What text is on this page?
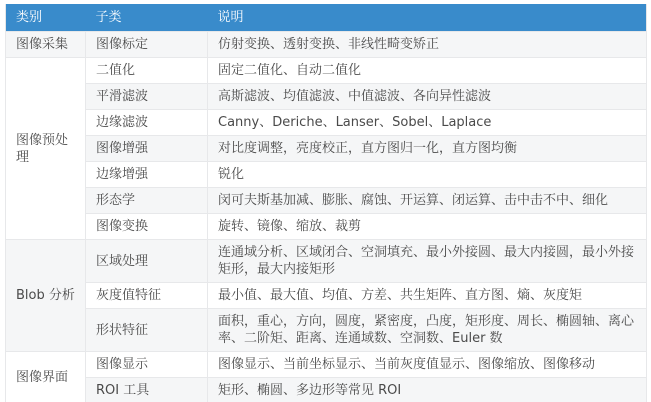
类别	子类	说明
图像采集	图像标定	仿射变换、透射变换、非线性畸变矫正
图像预处理	二值化	固定二值化、自动二值化
	平滑滤波	高斯滤波、均值滤波、中值滤波、各向异性滤波
	边缘滤波	Canny、Deriche、Lanser、Sobel、Laplace
	图像增强	对比度调整，亮度校正，直方图归一化，直方图均衡
	边缘增强	锐化
	形态学	闵可夫斯基加减、膨胀、腐蚀、开运算、闭运算、击中击不中、细化
	图像变换	旋转、镜像、缩放、裁剪
Blob 分析	区域处理	连通域分析、区域闭合、空洞填充、最小外接圆、最大内接圆，最小外接矩形，最大内接矩形
	灰度值特征	最小值、最大值、均值、方差、共生矩阵、直方图、熵、灰度矩
	形状特征	面积，重心，方向，圆度，紧密度，凸度，矩形度、周长、椭圆轴、离心率、二阶矩、距离、连通域数、空洞数、Euler 数
图像界面	图像显示	图像显示、当前坐标显示、当前灰度值显示、图像缩放、图像移动
	ROI 工具	矩形、椭圆、多边形等常见 ROI
